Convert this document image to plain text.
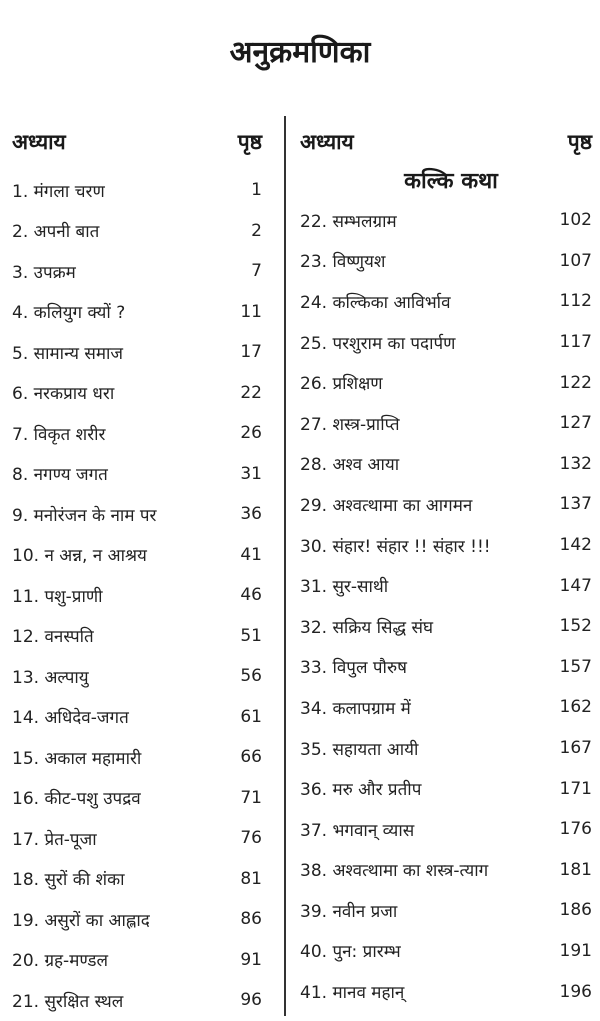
अनुक्रमणिका
अध्याय	पृष्ठ
1. मंगला चरण	1
2. अपनी बात	2
3. उपक्रम	7
4. कलियुग क्यों ?	11
5. सामान्य समाज	17
6. नरकप्राय धरा	22
7. विकृत शरीर	26
8. नगण्य जगत	31
9. मनोरंजन के नाम पर	36
10. न अन्न, न आश्रय	41
11. पशु-प्राणी	46
12. वनस्पति	51
13. अल्पायु	56
14. अधिदेव-जगत	61
15. अकाल महामारी	66
16. कीट-पशु उपद्रव	71
17. प्रेत-पूजा	76
18. सुरों की शंका	81
19. असुरों का आह्लाद	86
20. ग्रह-मण्डल	91
21. सुरक्षित स्थल	96
अध्याय	पृष्ठ
कल्कि कथा
22. सम्भलग्राम	102
23. विष्णुयश	107
24. कल्किका आविर्भाव	112
25. परशुराम का पदार्पण	117
26. प्रशिक्षण	122
27. शस्त्र-प्राप्ति	127
28. अश्व आया	132
29. अश्वत्थामा का आगमन	137
30. संहार! संहार !! संहार !!!	142
31. सुर-साथी	147
32. सक्रिय सिद्ध संघ	152
33. विपुल पौरुष	157
34. कलापग्राम में	162
35. सहायता आयी	167
36. मरु और प्रतीप	171
37. भगवान् व्यास	176
38. अश्वत्थामा का शस्त्र-त्याग	181
39. नवीन प्रजा	186
40. पुन: प्रारम्भ	191
41. मानव महान्	196
